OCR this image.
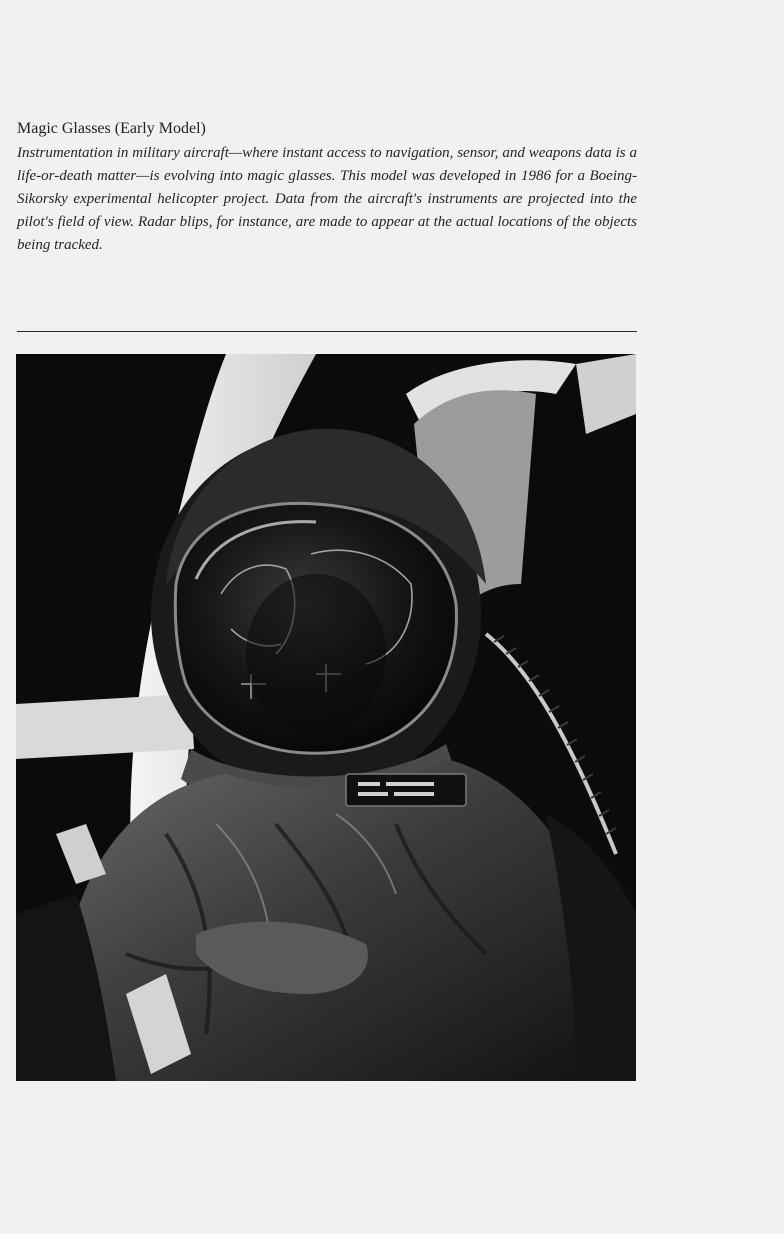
Magic Glasses (Early Model)

Instrumentation in military aircraft—where instant access to navigation, sensor, and weapons data is a life-or-death matter—is evolving into magic glasses. This model was developed in 1986 for a Boeing-Sikorsky experimental helicopter project. Data from the aircraft's instruments are projected into the pilot's field of view. Radar blips, for instance, are made to appear at the actual locations of the objects being tracked.
